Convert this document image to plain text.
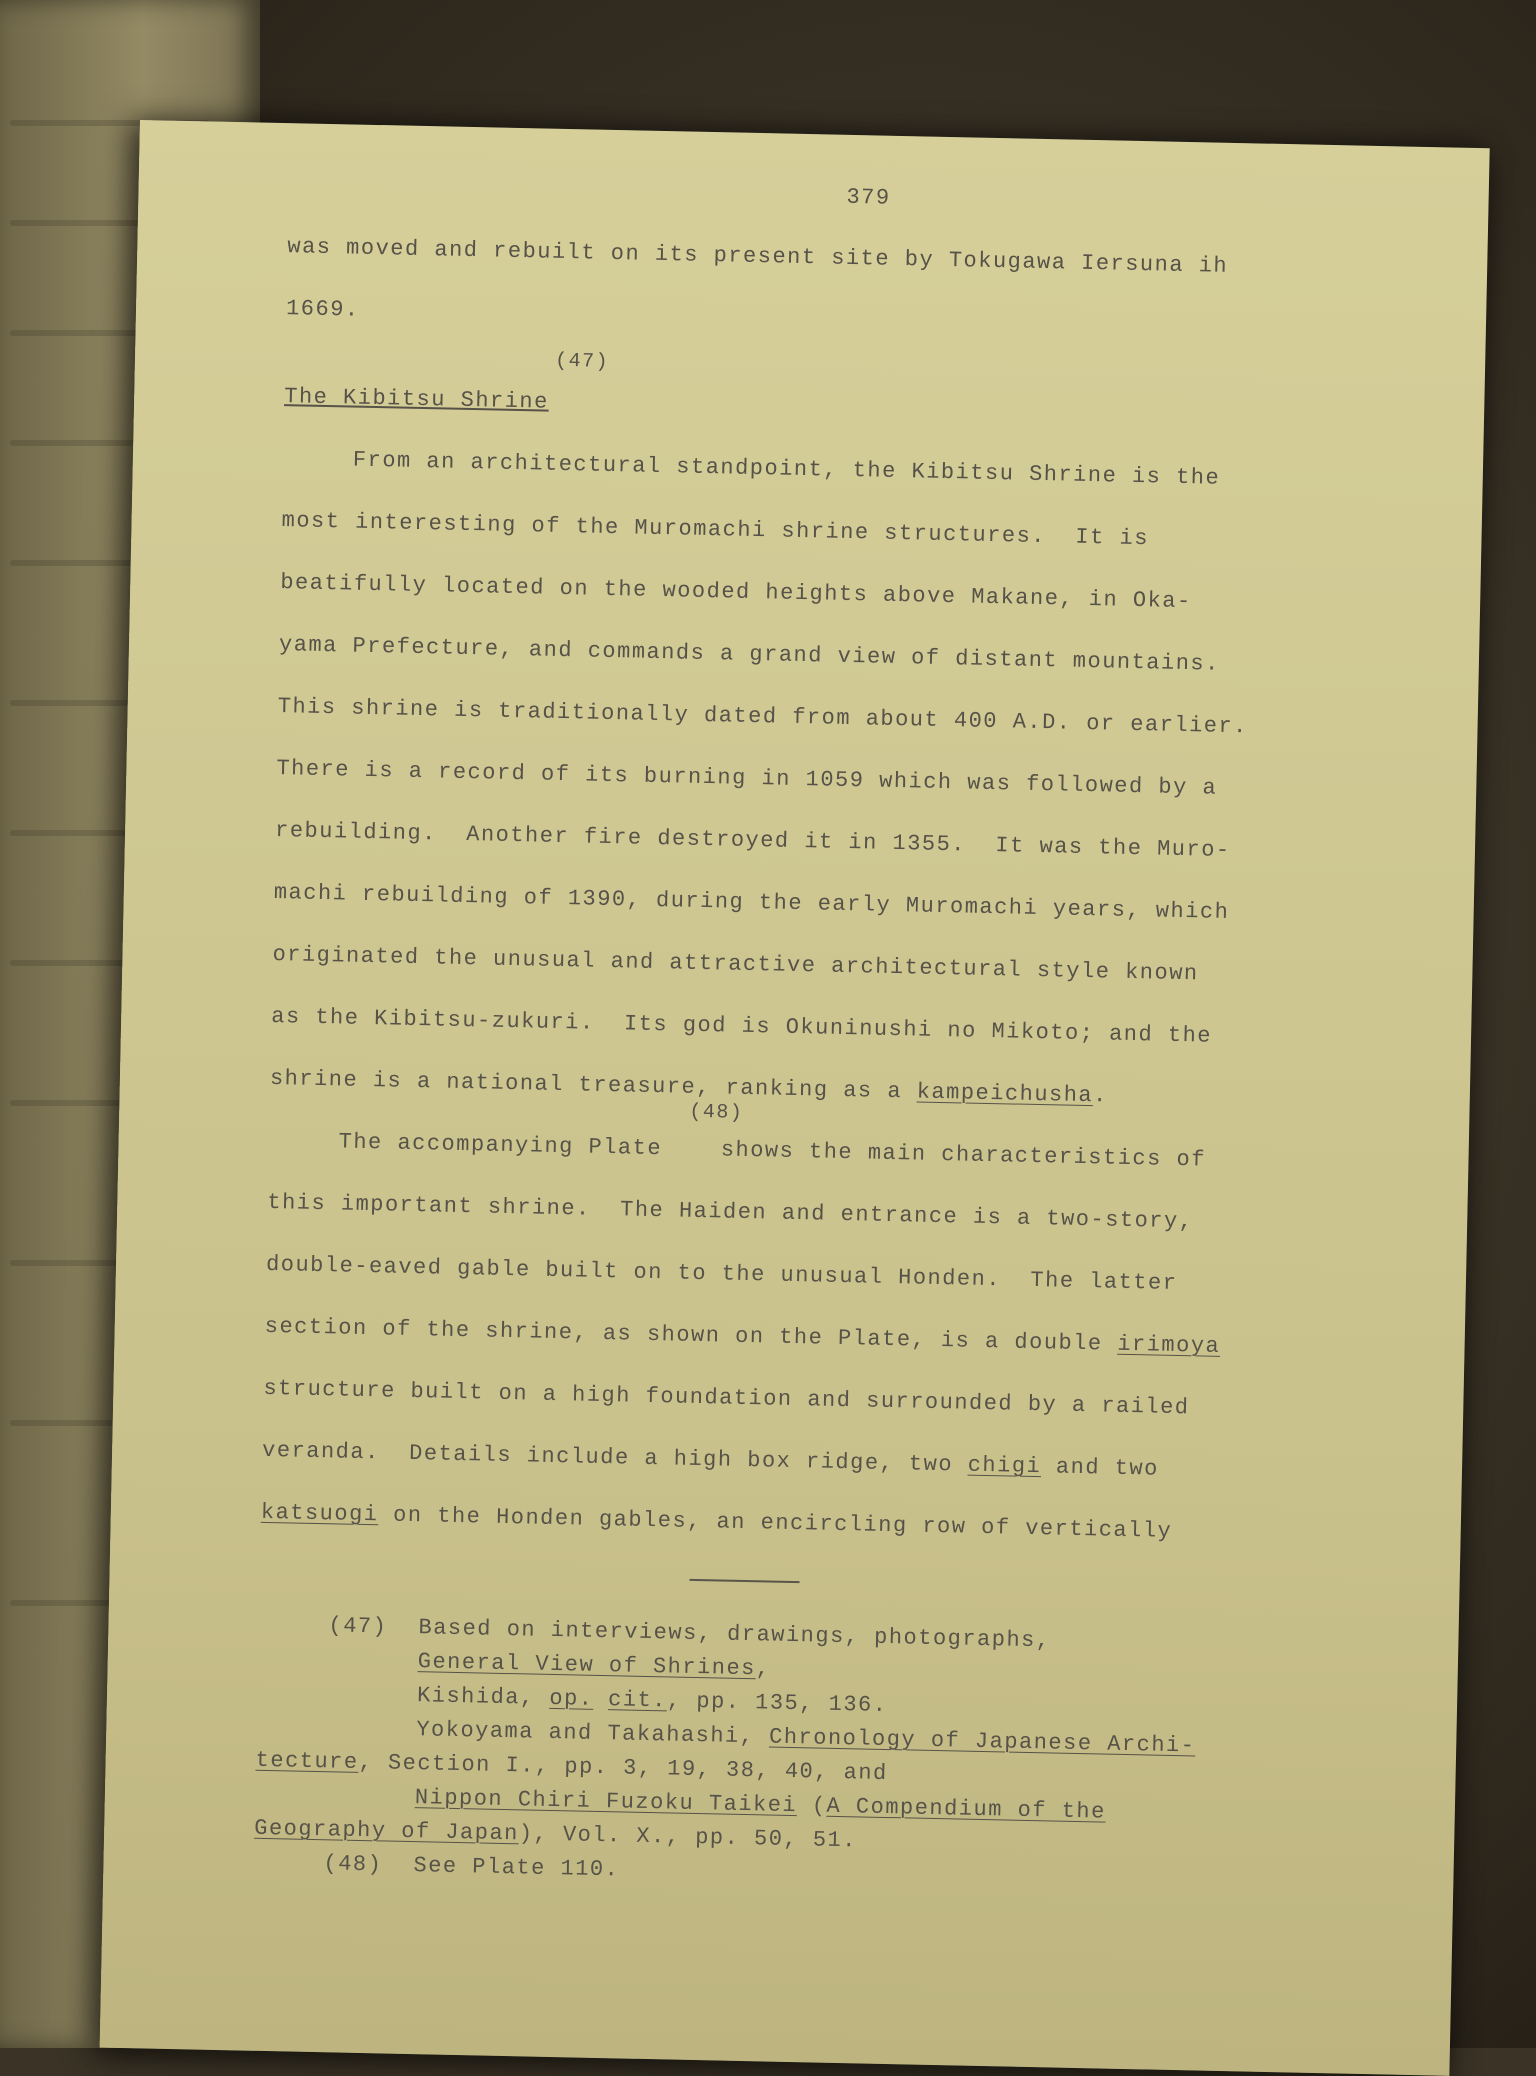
379
was moved and rebuilt on its present site by Tokugawa Iersuna ih
1669.
(47)
The Kibitsu Shrine
From an architectural standpoint, the Kibitsu Shrine is the
most interesting of the Muromachi shrine structures.  It is
beatifully located on the wooded heights above Makane, in Oka-
yama Prefecture, and commands a grand view of distant mountains.
This shrine is traditionally dated from about 400 A.D. or earlier.
There is a record of its burning in 1059 which was followed by a
rebuilding.  Another fire destroyed it in 1355.  It was the Muro-
machi rebuilding of 1390, during the early Muromachi years, which
originated the unusual and attractive architectural style known
as the Kibitsu-zukuri.  Its god is Okuninushi no Mikoto; and the
shrine is a national treasure, ranking as a kampeichusha.
(48)
The accompanying Plate    shows the main characteristics of
this important shrine.  The Haiden and entrance is a two-story,
double-eaved gable built on to the unusual Honden.  The latter
section of the shrine, as shown on the Plate, is a double irimoya
structure built on a high foundation and surrounded by a railed
veranda.  Details include a high box ridge, two chigi and two
katsuogi on the Honden gables, an encircling row of vertically
(47) Based on interviews, drawings, photographs,
General View of Shrines,
Kishida, op. cit., pp. 135, 136.
Yokoyama and Takahashi, Chronology of Japanese Archi-
tecture, Section I., pp. 3, 19, 38, 40, and
Nippon Chiri Fuzoku Taikei (A Compendium of the
Geography of Japan), Vol. X., pp. 50, 51.
(48) See Plate 110.
